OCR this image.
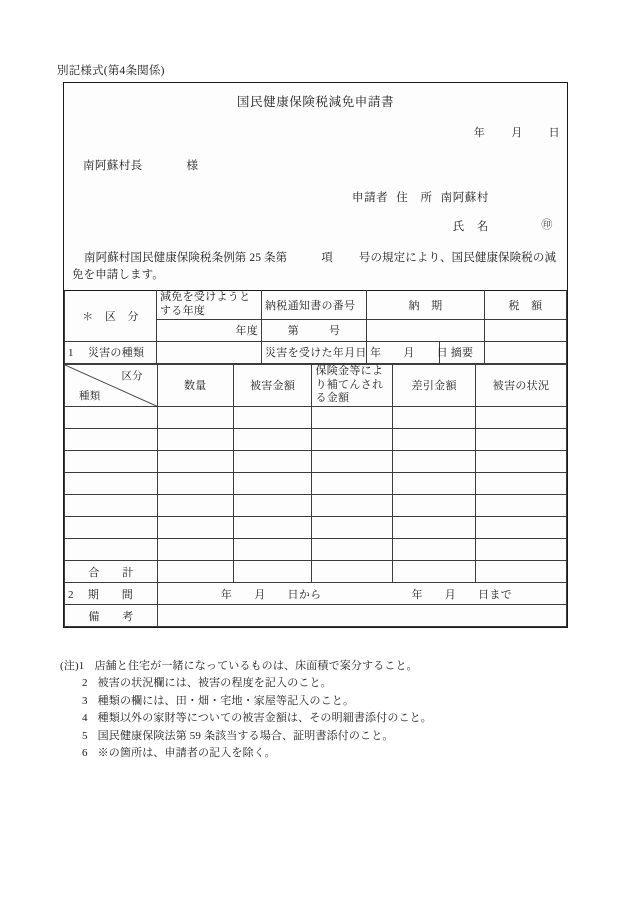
別記様式(第4条関係)
国民健康保険税減免申請書
年 月 日
南阿蘇村長	様
申請者 住　所 南阿蘇村
氏　名	㊞
南阿蘇村国民健康保険税条例第 25 条第	項 号の規定により、国民健康保険税の減免を申請します。
＊　区　分	減免を受けようとする年度	納税通知書の番号	納　期		税　額
	年度	第 号			
1 災害の種類		災害を受けた年月日	年 月 日	摘要	
区分
種類	数量	被害金額	保険金等により補てんされる金額	差引金額	被害の状況

合　　計					
2 期　　間	年 月 日から 年 月 日まで				
備　　考					
(注)1 店舗と住宅が一緒になっているものは、床面積で案分すること。
2 被害の状況欄には、被害の程度を記入のこと。
3 種類の欄には、田・畑・宅地・家屋等記入のこと。
4 種類以外の家財等についての被害金額は、その明細書添付のこと。
5 国民健康保険法第 59 条該当する場合、証明書添付のこと。
6 ※の箇所は、申請者の記入を除く。
